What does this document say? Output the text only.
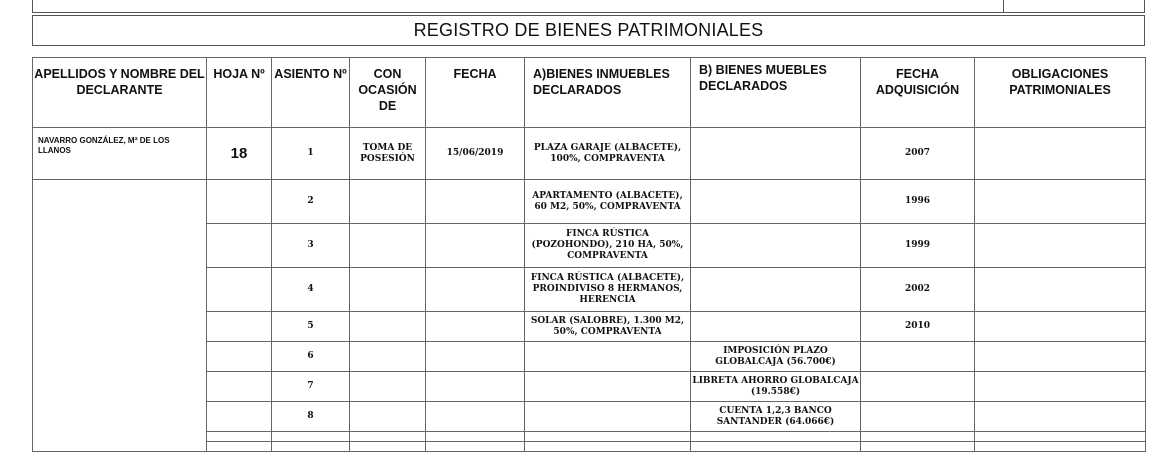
REGISTRO DE BIENES PATRIMONIALES
APELLIDOS Y NOMBRE DEL DECLARANTE	HOJA Nº	ASIENTO Nº	CON OCASIÓN DE	FECHA	A)BIENES INMUEBLES DECLARADOS	B) BIENES MUEBLES DECLARADOS	FECHA ADQUISICIÓN	OBLIGACIONES PATRIMONIALES
NAVARRO GONZÁLEZ, Mª DE LOS LLANOS	18	1	TOMA DE POSESIÓN	15/06/2019	PLAZA GARAJE (ALBACETE), 100%, COMPRAVENTA		2007	
		2			APARTAMENTO (ALBACETE), 60 M2, 50%, COMPRAVENTA		1996	
		3			FINCA RÚSTICA (POZOHONDO), 210 HA, 50%, COMPRAVENTA		1999	
		4			FINCA RÚSTICA (ALBACETE), PROINDIVISO 8 HERMANOS, HERENCIA		2002	
		5			SOLAR (SALOBRE), 1.300 M2, 50%, COMPRAVENTA		2010	
		6				IMPOSICIÓN PLAZO GLOBALCAJA (56.700€)		
		7				LIBRETA AHORRO GLOBALCAJA (19.558€)		
		8				CUENTA 1,2,3 BANCO SANTANDER (64.066€)		
